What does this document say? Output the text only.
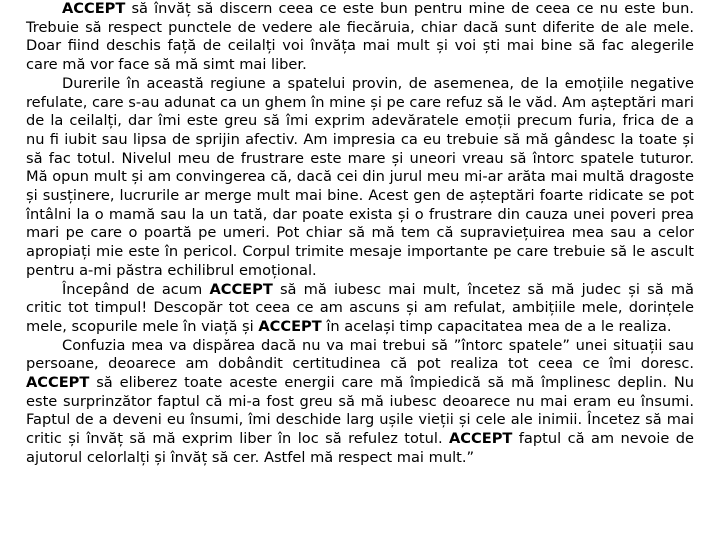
ACCEPT să învăț să discern ceea ce este bun pentru mine de ceea ce nu este bun. Trebuie să respect punctele de vedere ale fiecăruia, chiar dacă sunt diferite de ale mele. Doar fiind deschis față de ceilalți voi învăța mai mult și voi ști mai bine să fac alegerile care mă vor face să mă simt mai liber.

Durerile în această regiune a spatelui provin, de asemenea, de la emoțiile negative refulate, care s-au adunat ca un ghem în mine și pe care refuz să le văd. Am așteptări mari de la ceilalți, dar îmi este greu să îmi exprim adevăratele emoții precum furia, frica de a nu fi iubit sau lipsa de sprijin afectiv. Am impresia ca eu trebuie să mă gândesc la toate și să fac totul. Nivelul meu de frustrare este mare și uneori vreau să întorc spatele tuturor. Mă opun mult și am convingerea că, dacă cei din jurul meu mi-ar arăta mai multă dragoste și susținere, lucrurile ar merge mult mai bine. Acest gen de așteptări foarte ridicate se pot întâlni la o mamă sau la un tată, dar poate exista și o frustrare din cauza unei poveri prea mari pe care o poartă pe umeri. Pot chiar să mă tem că supraviețuirea mea sau a celor apropiați mie este în pericol. Corpul trimite mesaje importante pe care trebuie să le ascult pentru a-mi păstra echilibrul emoțional.

Începând de acum ACCEPT să mă iubesc mai mult, încetez să mă judec și să mă critic tot timpul! Descopăr tot ceea ce am ascuns și am refulat, ambițiile mele, dorințele mele, scopurile mele în viață și ACCEPT în același timp capacitatea mea de a le realiza.

Confuzia mea va dispărea dacă nu va mai trebui să ”întorc spatele” unei situații sau persoane, deoarece am dobândit certitudinea că pot realiza tot ceea ce îmi doresc. ACCEPT să eliberez toate aceste energii care mă împiedică să mă împlinesc deplin. Nu este surprinzător faptul că mi-a fost greu să mă iubesc deoarece nu mai eram eu însumi. Faptul de a deveni eu însumi, îmi deschide larg ușile vieții și cele ale inimii. Încetez să mai critic și învăț să mă exprim liber în loc să refulez totul. ACCEPT faptul că am nevoie de ajutorul celorlalți și învăț să cer. Astfel mă respect mai mult.”
